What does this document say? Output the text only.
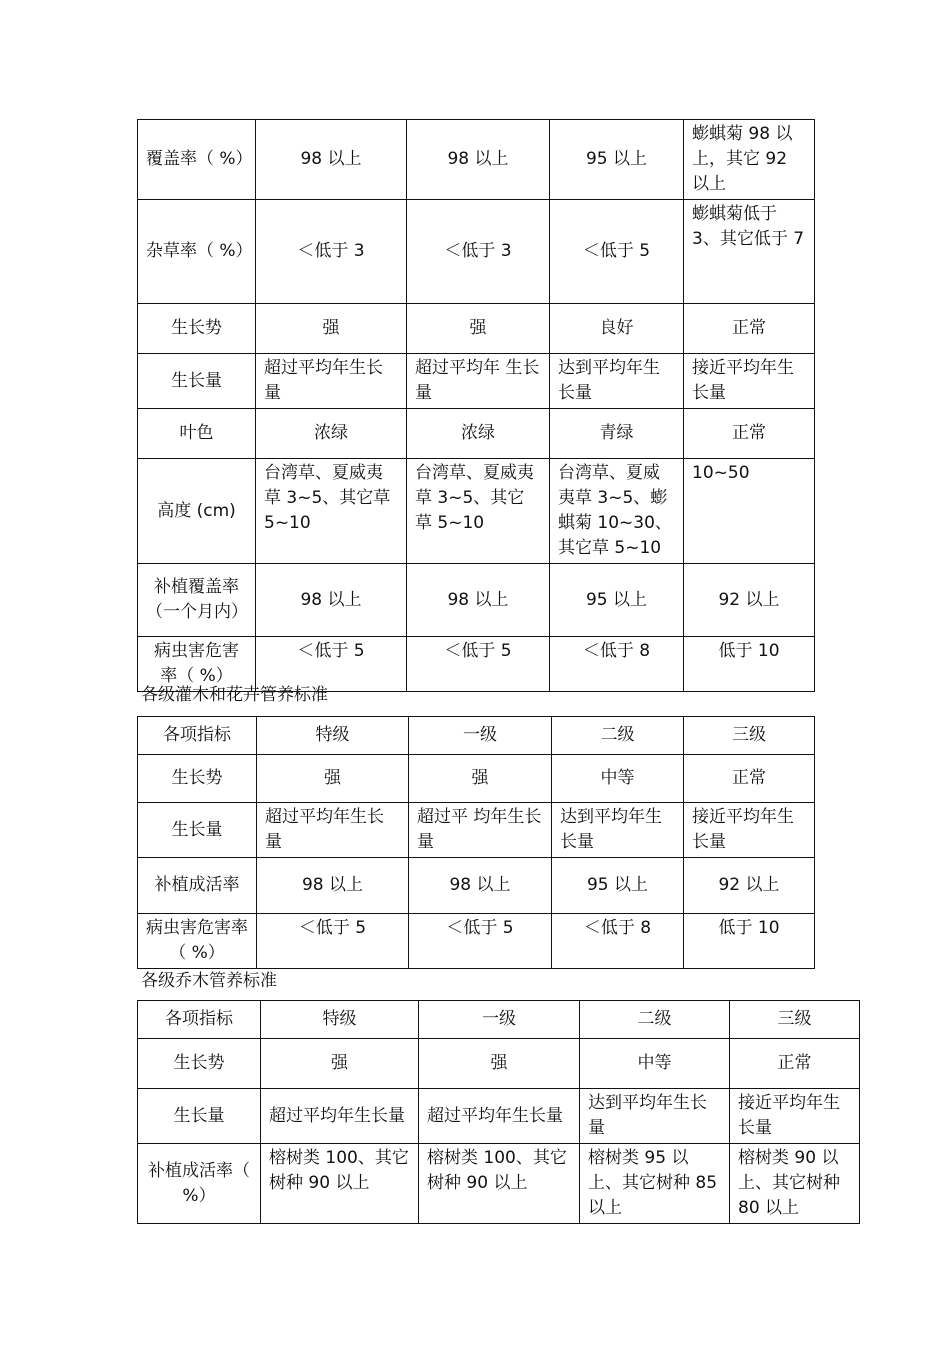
覆盖率（ %）	98 以上	98 以上	95 以上	蟛蜞菊 98 以上，其它 92 以上
杂草率（ %）	＜低于 3	＜低于 3	＜低于 5	蟛蜞菊低于 3、其它低于 7
生长势	强	强	良好	正常
生长量	超过平均年生长量	超过平均年 生长量	达到平均年生长量	接近平均年生长量
叶色	浓绿	浓绿	青绿	正常
高度 (cm)	台湾草、夏威夷草 3~5、其它草 5~10	台湾草、夏威夷草 3~5、其它草 5~10	台湾草、夏威夷草 3~5、蟛蜞菊 10~30、其它草 5~10	10~50
补植覆盖率（一个月内）	98 以上	98 以上	95 以上	92 以上
病虫害危害率（ %）	＜低于 5	＜低于 5	＜低于 8	低于 10
各级灌木和花卉管养标准
各项指标	特级	一级	二级	三级
生长势	强	强	中等	正常
生长量	超过平均年生长量	超过平 均年生长量	达到平均年生长量	接近平均年生长量
补植成活率	98 以上	98 以上	95 以上	92 以上
病虫害危害率（ %）	＜低于 5	＜低于 5	＜低于 8	低于 10
各级乔木管养标准
各项指标	特级	一级	二级	三级
生长势	强	强	中等	正常
生长量	超过平均年生长量	超过平均年生长量	达到平均年生长量	接近平均年生长量
补植成活率（ %）	榕树类 100、其它树种 90 以上	榕树类 100、其它树种 90 以上	榕树类 95 以上、其它树种 85 以上	榕树类 90 以上、其它树种 80 以上
